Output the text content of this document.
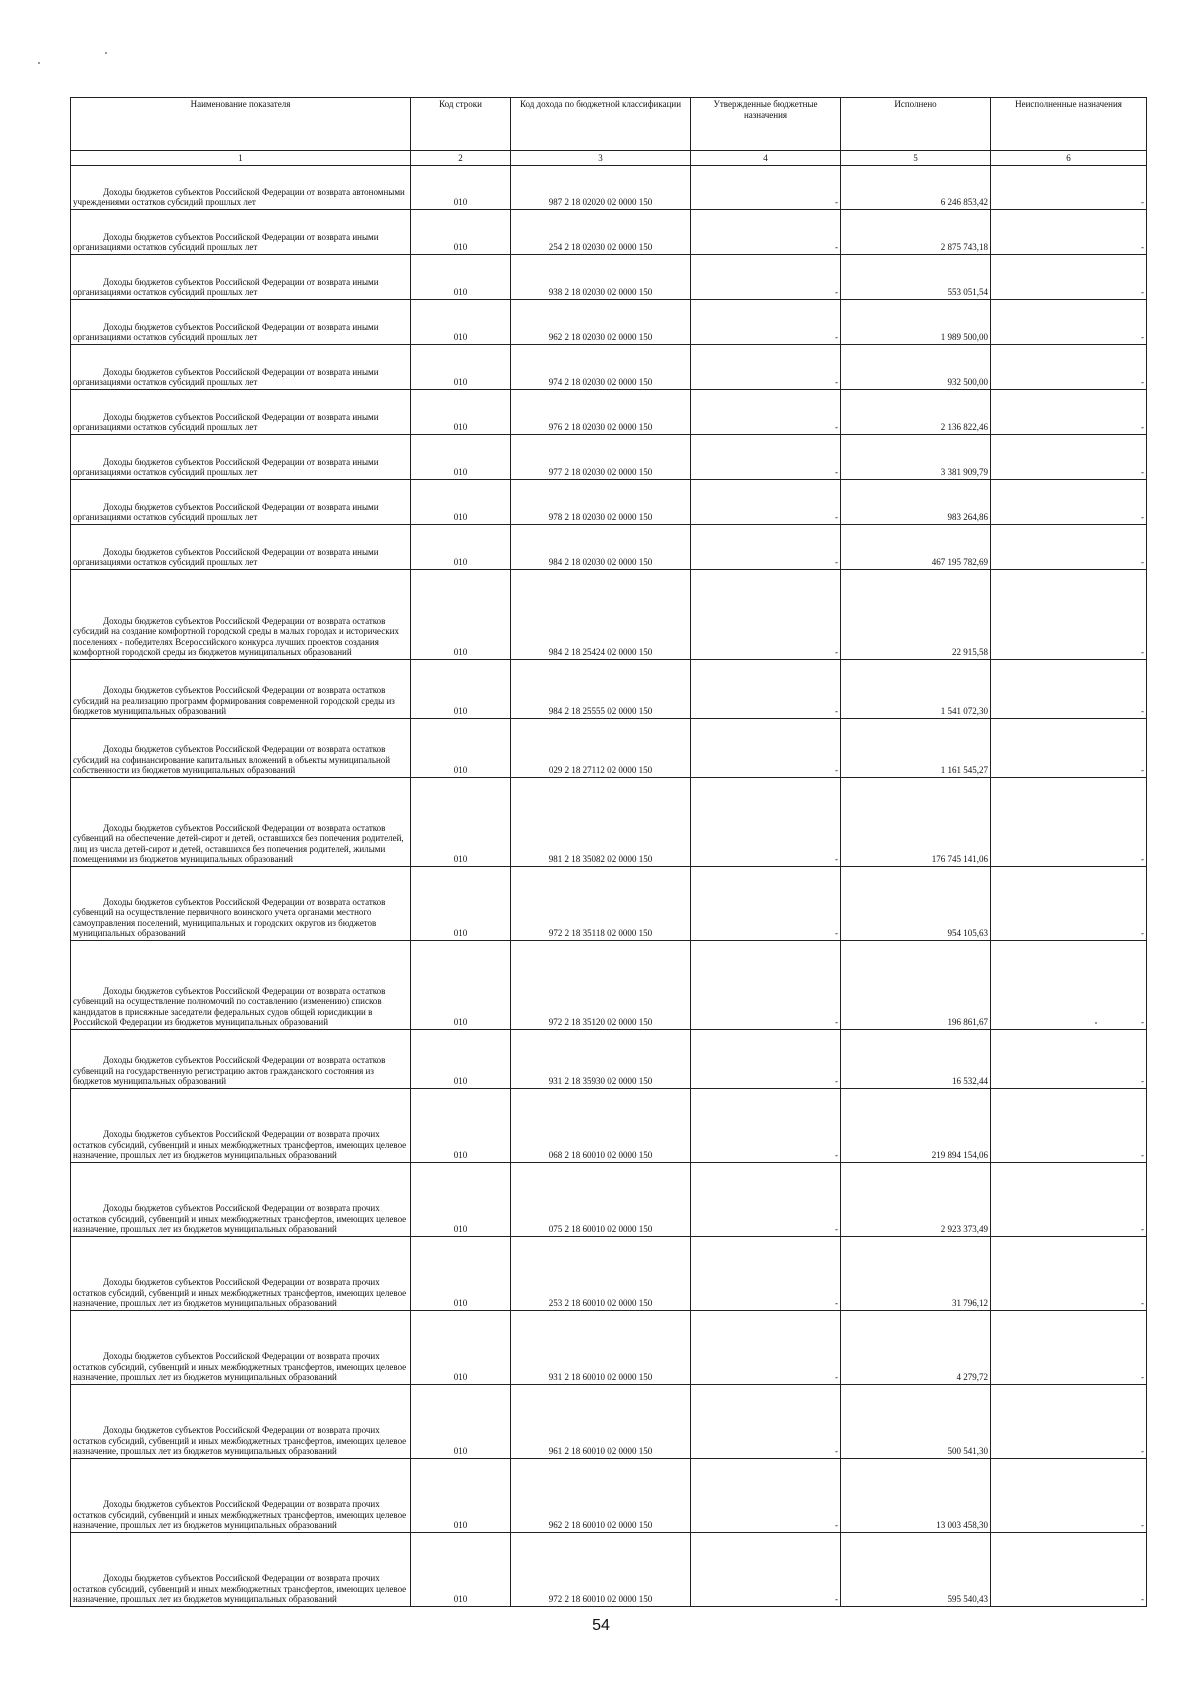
Наименование показателя	Код строки	Код дохода по бюджетной классификации	Утвержденные бюджетные назначения	Исполнено	Неисполненные назначения
1	2	3	4	5	6
Доходы бюджетов субъектов Российской Федерации от возврата автономными учреждениями остатков субсидий прошлых лет	010	987 2 18 02020 02 0000 150	-	6 246 853,42	-
Доходы бюджетов субъектов Российской Федерации от возврата иными организациями остатков субсидий прошлых лет	010	254 2 18 02030 02 0000 150	-	2 875 743,18	-
Доходы бюджетов субъектов Российской Федерации от возврата иными организациями остатков субсидий прошлых лет	010	938 2 18 02030 02 0000 150	-	553 051,54	-
Доходы бюджетов субъектов Российской Федерации от возврата иными организациями остатков субсидий прошлых лет	010	962 2 18 02030 02 0000 150	-	1 989 500,00	-
Доходы бюджетов субъектов Российской Федерации от возврата иными организациями остатков субсидий прошлых лет	010	974 2 18 02030 02 0000 150	-	932 500,00	-
Доходы бюджетов субъектов Российской Федерации от возврата иными организациями остатков субсидий прошлых лет	010	976 2 18 02030 02 0000 150	-	2 136 822,46	-
Доходы бюджетов субъектов Российской Федерации от возврата иными организациями остатков субсидий прошлых лет	010	977 2 18 02030 02 0000 150	-	3 381 909,79	-
Доходы бюджетов субъектов Российской Федерации от возврата иными организациями остатков субсидий прошлых лет	010	978 2 18 02030 02 0000 150	-	983 264,86	-
Доходы бюджетов субъектов Российской Федерации от возврата иными организациями остатков субсидий прошлых лет	010	984 2 18 02030 02 0000 150	-	467 195 782,69	-
Доходы бюджетов субъектов Российской Федерации от возврата остатков субсидий на создание комфортной городской среды в малых городах и исторических поселениях - победителях Всероссийского конкурса лучших проектов создания комфортной городской среды из бюджетов муниципальных образований	010	984 2 18 25424 02 0000 150	-	22 915,58	-
Доходы бюджетов субъектов Российской Федерации от возврата остатков субсидий на реализацию программ формирования современной городской среды из бюджетов муниципальных образований	010	984 2 18 25555 02 0000 150	-	1 541 072,30	-
Доходы бюджетов субъектов Российской Федерации от возврата остатков субсидий на софинансирование капитальных вложений в объекты муниципальной собственности из бюджетов муниципальных образований	010	029 2 18 27112 02 0000 150	-	1 161 545,27	-
Доходы бюджетов субъектов Российской Федерации от возврата остатков субвенций на обеспечение детей-сирот и детей, оставшихся без попечения родителей, лиц из числа детей-сирот и детей, оставшихся без попечения родителей, жилыми помещениями из бюджетов муниципальных образований	010	981 2 18 35082 02 0000 150	-	176 745 141,06	-
Доходы бюджетов субъектов Российской Федерации от возврата остатков субвенций на осуществление первичного воинского учета органами местного самоуправления поселений, муниципальных и городских округов из бюджетов муниципальных образований	010	972 2 18 35118 02 0000 150	-	954 105,63	-
Доходы бюджетов субъектов Российской Федерации от возврата остатков субвенций на осуществление полномочий по составлению (изменению) списков кандидатов в присяжные заседатели федеральных судов общей юрисдикции в Российской Федерации из бюджетов муниципальных образований	010	972 2 18 35120 02 0000 150	-	196 861,67	-
Доходы бюджетов субъектов Российской Федерации от возврата остатков субвенций на государственную регистрацию актов гражданского состояния из бюджетов муниципальных образований	010	931 2 18 35930 02 0000 150	-	16 532,44	-
Доходы бюджетов субъектов Российской Федерации от возврата прочих остатков субсидий, субвенций и иных межбюджетных трансфертов, имеющих целевое назначение, прошлых лет из бюджетов муниципальных образований	010	068 2 18 60010 02 0000 150	-	219 894 154,06	-
Доходы бюджетов субъектов Российской Федерации от возврата прочих остатков субсидий, субвенций и иных межбюджетных трансфертов, имеющих целевое назначение, прошлых лет из бюджетов муниципальных образований	010	075 2 18 60010 02 0000 150	-	2 923 373,49	-
Доходы бюджетов субъектов Российской Федерации от возврата прочих остатков субсидий, субвенций и иных межбюджетных трансфертов, имеющих целевое назначение, прошлых лет из бюджетов муниципальных образований	010	253 2 18 60010 02 0000 150	-	31 796,12	-
Доходы бюджетов субъектов Российской Федерации от возврата прочих остатков субсидий, субвенций и иных межбюджетных трансфертов, имеющих целевое назначение, прошлых лет из бюджетов муниципальных образований	010	931 2 18 60010 02 0000 150	-	4 279,72	-
Доходы бюджетов субъектов Российской Федерации от возврата прочих остатков субсидий, субвенций и иных межбюджетных трансфертов, имеющих целевое назначение, прошлых лет из бюджетов муниципальных образований	010	961 2 18 60010 02 0000 150	-	500 541,30	-
Доходы бюджетов субъектов Российской Федерации от возврата прочих остатков субсидий, субвенций и иных межбюджетных трансфертов, имеющих целевое назначение, прошлых лет из бюджетов муниципальных образований	010	962 2 18 60010 02 0000 150	-	13 003 458,30	-
Доходы бюджетов субъектов Российской Федерации от возврата прочих остатков субсидий, субвенций и иных межбюджетных трансфертов, имеющих целевое назначение, прошлых лет из бюджетов муниципальных образований	010	972 2 18 60010 02 0000 150	-	595 540,43	-
54
